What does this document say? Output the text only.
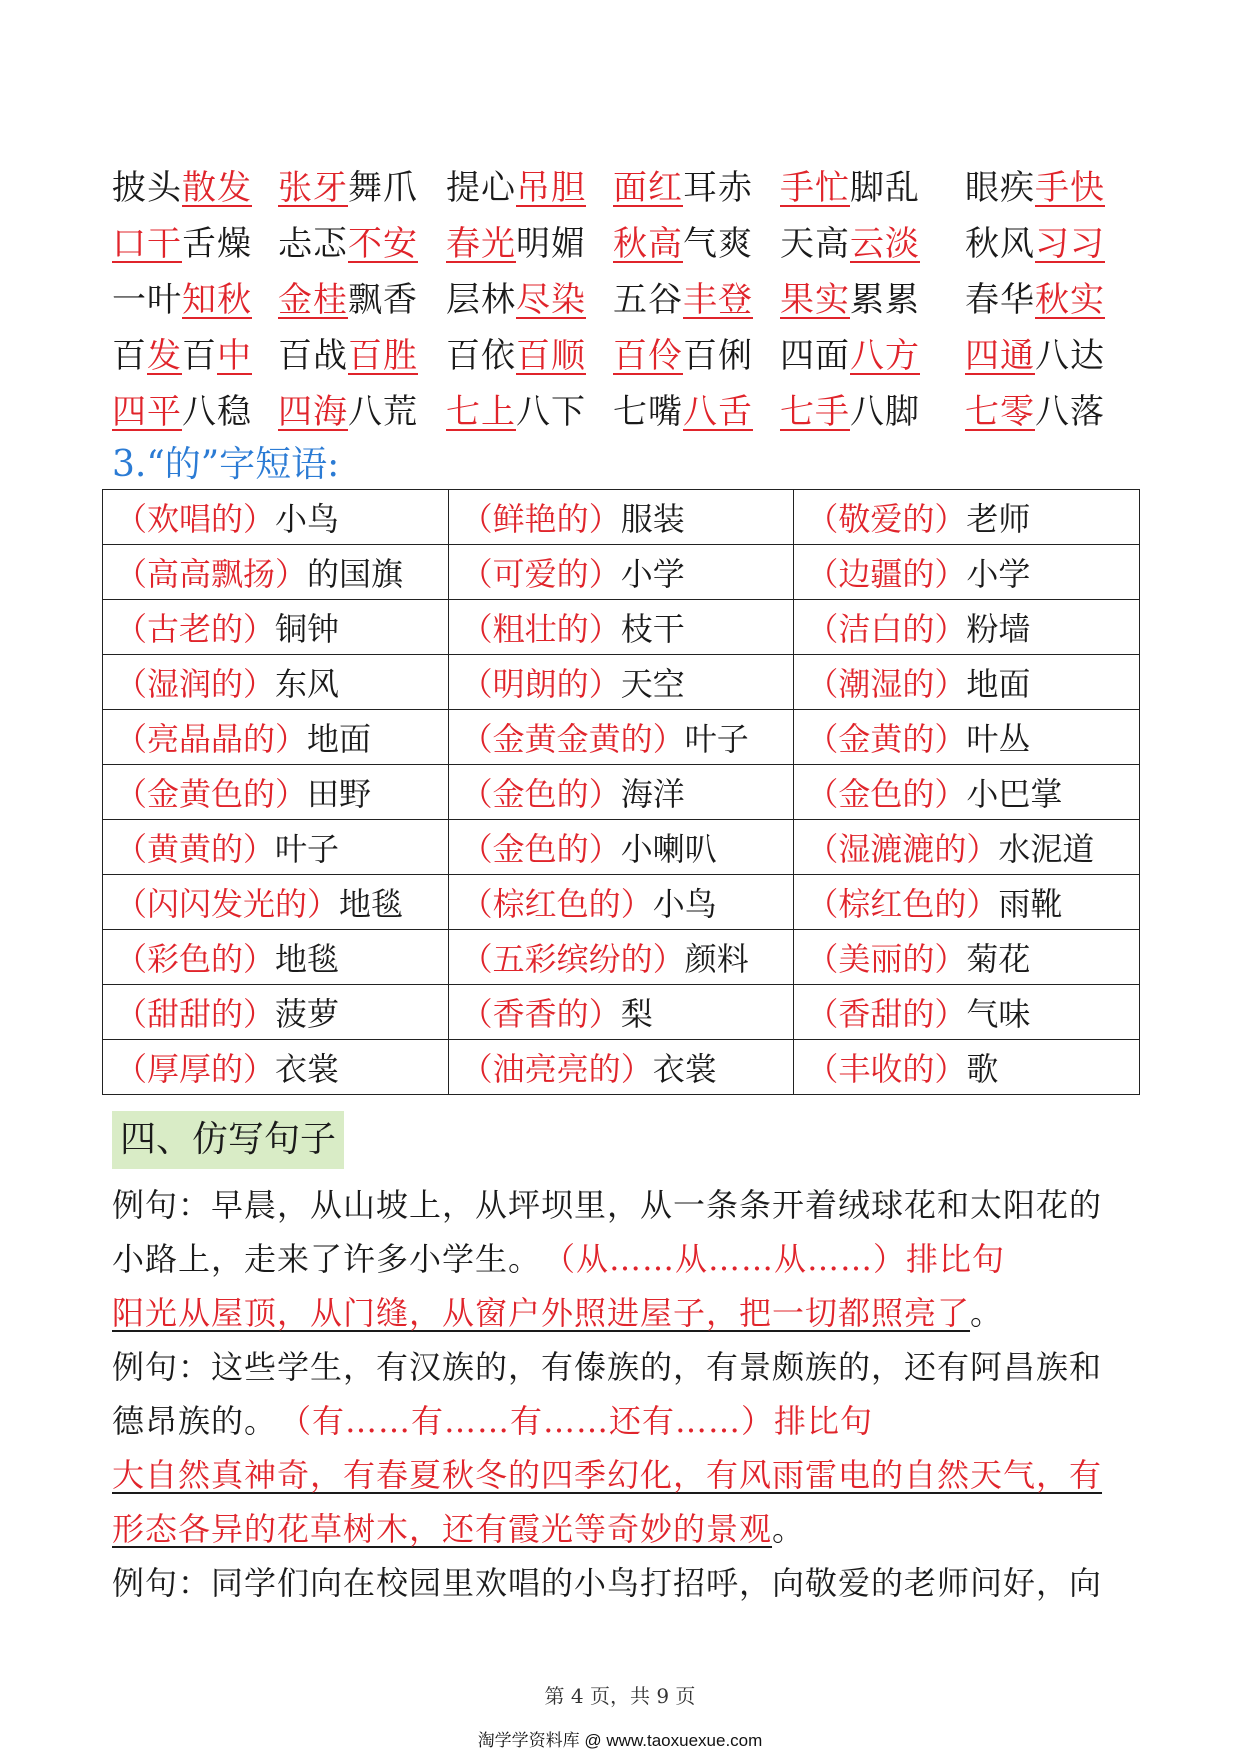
披头散发 张牙舞爪 提心吊胆 面红耳赤 手忙脚乱 眼疾手快
口干舌燥 忐忑不安 春光明媚 秋高气爽 天高云淡 秋风习习
一叶知秋 金桂飘香 层林尽染 五谷丰登 果实累累 春华秋实
百发百中 百战百胜 百依百顺 百伶百俐 四面八方 四通八达
四平八稳 四海八荒 七上八下 七嘴八舌 七手八脚 七零八落
3.“的”字短语:
（欢唱的）小鸟	（鲜艳的）服装	（敬爱的）老师
（高高飘扬）的国旗	（可爱的）小学	（边疆的）小学
（古老的）铜钟	（粗壮的）枝干	（洁白的）粉墙
（湿润的）东风	（明朗的）天空	（潮湿的）地面
（亮晶晶的）地面	（金黄金黄的）叶子	（金黄的）叶丛
（金黄色的）田野	（金色的）海洋	（金色的）小巴掌
（黄黄的）叶子	（金色的）小喇叭	（湿漉漉的）水泥道
（闪闪发光的）地毯	（棕红色的）小鸟	（棕红色的）雨靴
（彩色的）地毯	（五彩缤纷的）颜料	（美丽的）菊花
（甜甜的）菠萝	（香香的）梨	（香甜的）气味
（厚厚的）衣裳	（油亮亮的）衣裳	（丰收的）歌
四、仿写句子
例句：早晨，从山坡上，从坪坝里，从一条条开着绒球花和太阳花的
小路上，走来了许多小学生。 （从……从……从……）排比句
阳光从屋顶，从门缝，从窗户外照进屋子，把一切都照亮了。
例句：这些学生，有汉族的，有傣族的，有景颇族的，还有阿昌族和
德昂族的。 （有……有……有……还有……）排比句
大自然真神奇，有春夏秋冬的四季幻化，有风雨雷电的自然天气，有
形态各异的花草树木，还有霞光等奇妙的景观。
例句：同学们向在校园里欢唱的小鸟打招呼，向敬爱的老师问好，向
第 4 页，共 9 页
淘学学资料库 @ www.taoxuexue.com
